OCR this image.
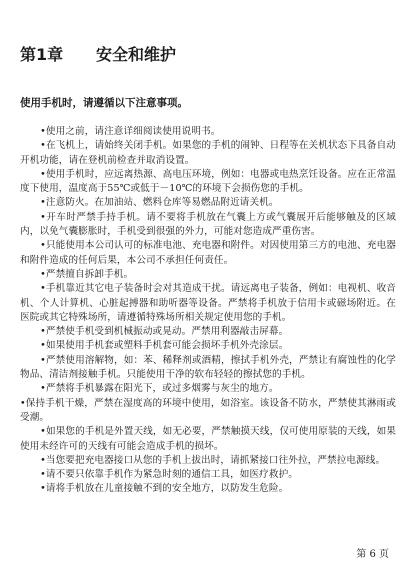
第1章 安全和维护
使用手机时，请遵循以下注意事项。

•使用之前，请注意详细阅读使用说明书。

•在飞机上，请始终关闭手机。如果您的手机的闹钟、日程等在关机状态下具备自动开机功能，请在登机前检查并取消设置。

•使用手机时，应远离热源、高电压环境，例如：电器或电热烹饪设备。应在正常温度下使用，温度高于55℃或低于－10℃的环境下会损伤您的手机。

•注意防火。在加油站、燃料仓库等易燃品附近请关机。

•开车时严禁手持手机。请不要将手机放在气囊上方或气囊展开后能够触及的区域内，以免气囊膨胀时，手机受到很强的外力，可能对您造成严重伤害。

•只能使用本公司认可的标准电池、充电器和附件。对因使用第三方的电池、充电器和附件造成的任何后果，本公司不承担任何责任。

•严禁擅自拆卸手机。

•手机靠近其它电子装备时会对其造成干扰。请远离电子装备，例如：电视机、收音机、个人计算机、心脏起搏器和助听器等设备。严禁将手机放于信用卡或磁场附近。在医院或其它特殊场所，请遵循特殊场所相关规定使用您的手机。

•严禁使手机受到机械振动或晃动。严禁用利器敲击屏幕。

•如果使用手机套或塑料手机套可能会损坏手机外壳涂层。

•严禁使用溶解物，如：苯、稀释剂或酒精，擦拭手机外壳，严禁让有腐蚀性的化学物品、清洁剂接触手机。只能使用干净的软布轻轻的擦拭您的手机。

•严禁将手机暴露在阳光下，或过多烟雾与灰尘的地方。

•保持手机干燥，严禁在湿度高的环境中使用，如浴室。该设备不防水，严禁使其淋雨或受潮。

•如果您的手机是外置天线，如无必要，严禁触摸天线，仅可使用原装的天线，如果使用未经许可的天线有可能会造成手机的损坏。

•当您要把充电器接口从您的手机上拔出时，请抓紧接口往外拉，严禁拉电源线。

•请不要只依靠手机作为紧急时刻的通信工具，如医疗救护。

•请将手机放在儿童接触不到的安全地方，以防发生危险。

第 6 页
